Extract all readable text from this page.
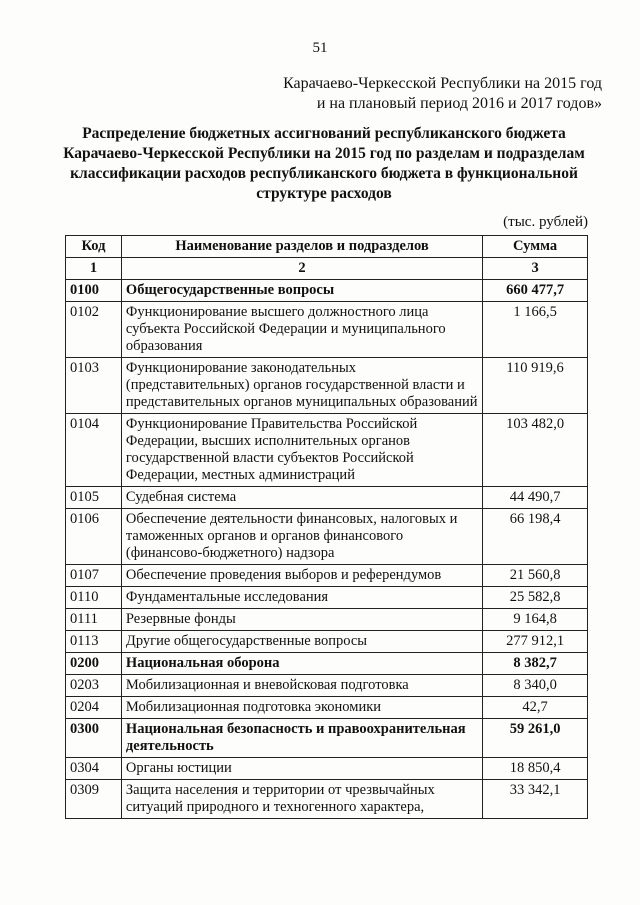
51
Карачаево-Черкесской Республики на 2015 год
и на плановый период 2016 и 2017 годов»
Распределение бюджетных ассигнований республиканского бюджета
Карачаево-Черкесской Республики на 2015 год по разделам и подразделам
классификации расходов республиканского бюджета в функциональной
структуре расходов
(тыс. рублей)
Код	Наименование разделов и подразделов	Сумма
1	2	3
0100	Общегосударственные вопросы	660 477,7
0102	Функционирование высшего должностного лица субъекта Российской Федерации и муниципального образования	1 166,5
0103	Функционирование законодательных (представительных) органов государственной власти и представительных органов муниципальных образований	110 919,6
0104	Функционирование Правительства Российской Федерации, высших исполнительных органов государственной власти субъектов Российской Федерации, местных администраций	103 482,0
0105	Судебная система	44 490,7
0106	Обеспечение деятельности финансовых, налоговых и таможенных органов и органов финансового (финансово-бюджетного) надзора	66 198,4
0107	Обеспечение проведения выборов и референдумов	21 560,8
0110	Фундаментальные исследования	25 582,8
0111	Резервные фонды	9 164,8
0113	Другие общегосударственные вопросы	277 912,1
0200	Национальная оборона	8 382,7
0203	Мобилизационная и вневойсковая подготовка	8 340,0
0204	Мобилизационная подготовка экономики	42,7
0300	Национальная безопасность и правоохранительная деятельность	59 261,0
0304	Органы юстиции	18 850,4
0309	Защита населения и территории от чрезвычайных ситуаций природного и техногенного характера,	33 342,1
